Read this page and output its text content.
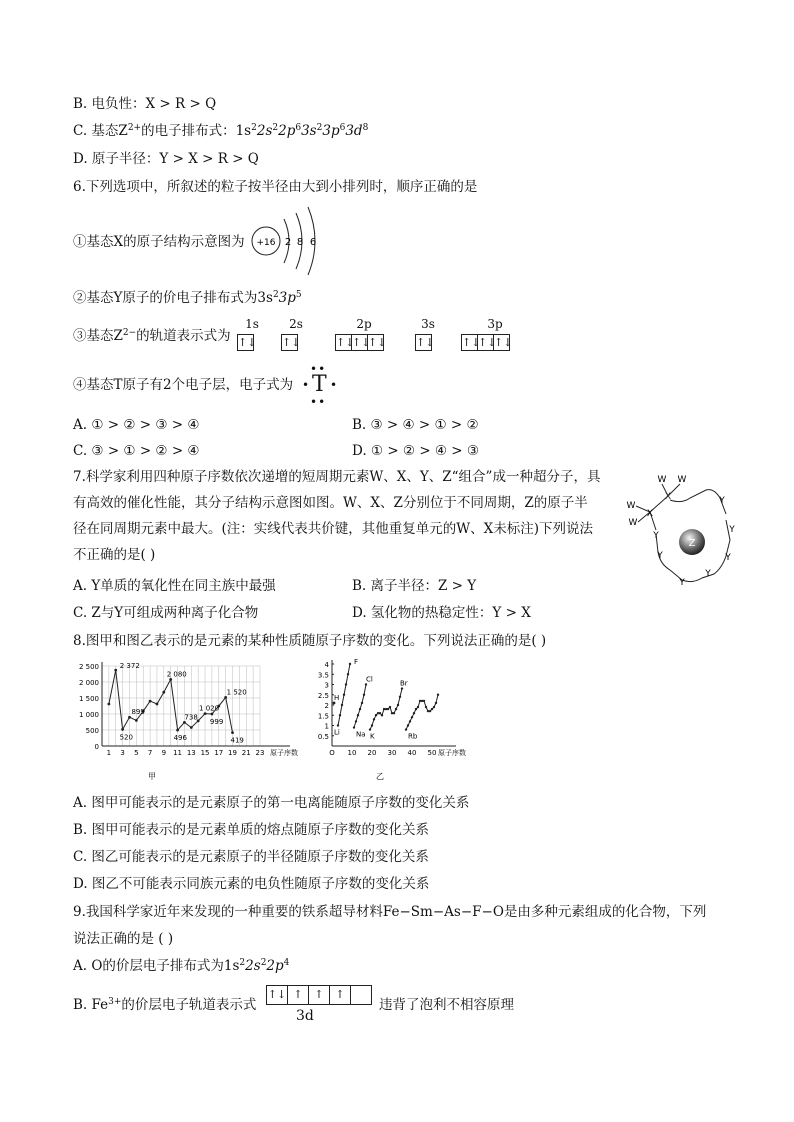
B. 电负性：X > R > Q
C. 基态$Z^{2+}$的电子排布式：$1s^22s^22p^63s^23p^63d^8$
D. 原子半径：Y > X > R > Q
6.下列选项中，所叙述的粒子按半径由大到小排列时，顺序正确的是
①基态X的原子结构示意图为 +16 2 8 6
②基态Y原子的价电子排布式为$3s^23p^5$
③基态$Z^{2-}$的轨道表示式为
1s
↑↓
2s
↑↓
2p
↑↓↑↓↑↓
3s
↑↓
3p
↑↓↑↓↑↓
④基态T原子有2个电子层，电子式为
••
• T •
••
A. ① > ② > ③ > ④	B. ③ > ④ > ① > ②
C. ③ > ① > ② > ④	D. ① > ② > ④ > ③
7.科学家利用四种原子序数依次递增的短周期元素W、X、Y、Z“组合”成一种超分子，具
有高效的催化性能，其分子结构示意图如图。W、X、Z分别位于不同周期，Z的原子半
径在同周期元素中最大。(注：实线代表共价键，其他重复单元的W、X未标注)下列说法
不正确的是( )
A. Y单质的氧化性在同主族中最强	B. 离子半径：Z > Y
C. Z与Y可组成两种离子化合物	D. 氢化物的热稳定性：Y > X
W W
W
W
X
X
Y
Y
Y
Y
Y
Y
Y
Z
8.图甲和图乙表示的是元素的某种性质随原子序数的变化。下列说法正确的是( )
0
500
1 000
1 500
2 000
2 500
1 3 5 7 9 11 13 15 17 19 21 23 原子序数
甲
2 372
899
520
2 080
738
496
1 020
999
1 520
419	0.5
1
1.5
2
2.5
3
3.5
4
O 10 20 30 40 50 原子序数
乙
F
H
Li
Cl
Na
Br
K	Rb
A. 图甲可能表示的是元素原子的第一电离能随原子序数的变化关系
B. 图甲可能表示的是元素单质的熔点随原子序数的变化关系
C. 图乙可能表示的是元素原子的半径随原子序数的变化关系
D. 图乙不可能表示同族元素的电负性随原子序数的变化关系
9.我国科学家近年来发现的一种重要的铁系超导材料Fe−Sm−As−F−O是由多种元素组成的化合物，下列
说法正确的是 ( )
A. O的价层电子排布式为$1s^22s^22p^4$
B. $Fe^{3+}$的价层电子轨道表示式
↑↓ ↑ ↑ ↑
3d
违背了泡利不相容原理
